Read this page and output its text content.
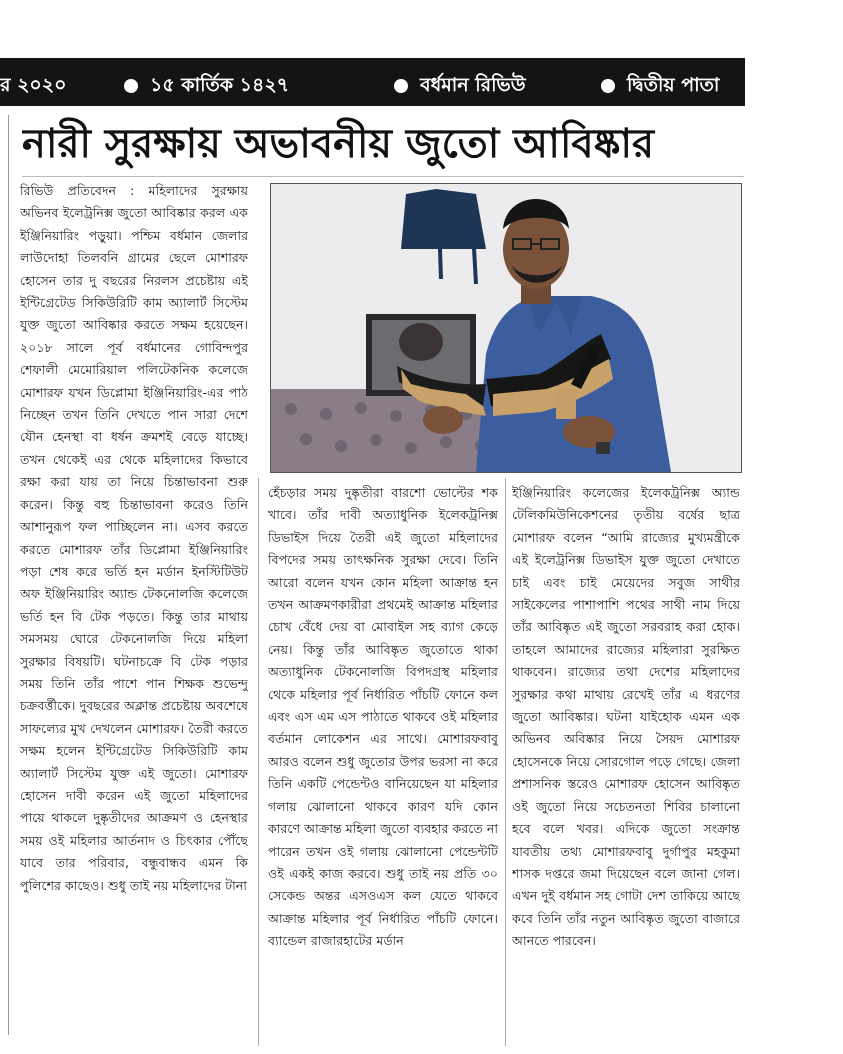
র ২০২০	১৫ কার্তিক ১৪২৭	বর্ধমান রিভিউ	দ্বিতীয় পাতা
নারী সুরক্ষায় অভাবনীয় জুতো আবিষ্কার
রিভিউ প্রতিবেদন : মহিলাদের সুরক্ষায় অভিনব ইলেট্রনিক্স জুতো আবিষ্কার করল এক ইঞ্জিনিয়ারিং পড়ুয়া। পশ্চিম বর্ধমান জেলার লাউদোহা তিলবনি গ্রামের ছেলে মোশারফ হোসেন তার দু বছরের নিরলস প্রচেষ্টায় এই ইন্টিগ্রেটেড সিকিউরিটি কাম অ্যালার্ট সিস্টেম যুক্ত জুতো আবিষ্কার করতে সক্ষম হয়েছেন। ২০১৮ সালে পূর্ব বর্ধমানের গোবিন্দপুর শেফালী মেমোরিয়াল পলিটেকনিক কলেজে মোশারফ যখন ডিপ্লোমা ইঞ্জিনিয়ারিং-এর পাঠ নিচ্ছেন তখন তিনি দেখতে পান সারা দেশে যৌন হেনস্থা বা ধর্ষন ক্রমশই বেড়ে যাচ্ছে। তখন থেকেই এর থেকে মহিলাদের কিভাবে রক্ষা করা যায় তা নিয়ে চিন্তাভাবনা শুরু করেন। কিন্তু বহু চিন্তাভাবনা করেও তিনি আশানুরূপ ফল পাচ্ছিলেন না। এসব করতে করতে মোশারফ তাঁর ডিপ্লোমা ইঞ্জিনিয়ারিং পড়া শেষ করে ভর্তি হন মর্ডান ইনস্টিটিউট অফ ইঞ্জিনিয়ারিং অ্যান্ড টেকনোলজি কলেজে ভর্তি হন বি টেক পড়তে। কিন্তু তার মাথায় সমসময় ঘোরে টেকনোলজি দিয়ে মহিলা সুরক্ষার বিষয়টি। ঘটনাচক্রে বি টেক পড়ার সময় তিনি তাঁর পাশে পান শিক্ষক শুভেন্দু চক্রবর্ত্তীকে। দুবছরের অক্লান্ত প্রচেষ্টায় অবশেষে সাফল্যের মুখ দেখলেন মোশারফ। তৈরী করতে সক্ষম হলেন ইন্টিগ্রেটেড সিকিউরিটি কাম অ্যালার্ট সিস্টেম যুক্ত এই জুতো। মোশারফ হোসেন দাবী করেন এই জুতো মহিলাদের পায়ে থাকলে দুষ্কৃতীদের আক্রমণ ও হেনস্থার সময় ওই মহিলার আর্তনাদ ও চিৎকার পৌঁছে যাবে তার পরিবার, বন্ধুবান্ধব এমন কি পুলিশের কাছেও। শুধু তাই নয় মহিলাদের টানা
হেঁচড়ার সময় দুষ্কৃতীরা বারশো ভোল্টের শক খাবে। তাঁর দাবী অত্যাধুনিক ইলেকট্রনিক্স ডিভাইস দিয়ে তৈরী এই জুতো মহিলাদের বিপদের সময় তাৎক্ষনিক সুরক্ষা দেবে। তিনি আরো বলেন যখন কোন মহিলা আক্রান্ত হন তখন আক্রমণকারীরা প্রথমেই আক্রান্ত মহিলার চোখ বেঁধে দেয় বা মোবাইল সহ ব্যাগ কেড়ে নেয়। কিন্তু তাঁর আবিষ্কৃত জুতোতে থাকা অত্যাধুনিক টেকনোলজি বিপদগ্রস্থ মহিলার থেকে মহিলার পূর্ব নির্ধারিত পাঁচটি ফোনে কল এবং এস এম এস পাঠাতে থাকবে ওই মহিলার বর্তমান লোকেশন এর সাথে। মোশারফবাবু আরও বলেন শুধু জুতোর উপর ভরসা না করে তিনি একটি পেন্ডেন্টও বানিয়েছেন যা মহিলার গলায় ঝোলানো থাকবে কারণ যদি কোন কারণে আক্রান্ত মহিলা জুতো ব্যবহার করতে না পারেন তখন ওই গলায় ঝোলানো পেন্ডেন্টটি ওই একই কাজ করবে। শুধু তাই নয় প্রতি ৩০ সেকেন্ড অন্তর এসওএস কল যেতে থাকবে আক্রান্ত মহিলার পূর্ব নির্ধারিত পাঁচটি ফোনে। ব্যান্ডেল রাজারহাটের মর্ডান
ইঞ্জিনিয়ারিং কলেজের ইলেকট্রনিক্স অ্যান্ড টেলিকমিউনিকেশনের তৃতীয় বর্ষের ছাত্র মোশারফ বলেন “আমি রাজ্যের মুখ্যমন্ত্রীকে এই ইলেট্রনিক্স ডিভাইস যুক্ত জুতো দেখাতে চাই এবং চাই মেয়েদের সবুজ সাথীর সাইকেলের পাশাপাশি পথের সাথী নাম দিয়ে তাঁর আবিষ্কৃত এই জুতো সরবরাহ করা হোক। তাহলে আমাদের রাজ্যের মহিলারা সুরক্ষিত থাকবেন। রাজ্যের তথা দেশের মহিলাদের সুরক্ষার কথা মাথায় রেখেই তাঁর এ ধরণের জুতো আবিষ্কার। ঘটনা যাইহোক এমন এক অভিনব অবিষ্কার নিয়ে সৈয়দ মোশারফ হোসেনকে নিয়ে সোরগোল পড়ে গেছে। জেলা প্রশাসনিক স্তরেও মোশারফ হোসেন আবিষ্কৃত ওই জুতো নিয়ে সচেতনতা শিবির চালানো হবে বলে খবর। এদিকে জুতো সংক্রান্ত যাবতীয় তথ্য মোশারফবাবু দুর্গাপুর মহকুমা শাসক দপ্তরে জমা দিয়েছেন বলে জানা গেল। এখন দুই বর্ধমান সহ গোটা দেশ তাকিয়ে আছে কবে তিনি তাঁর নতুন আবিষ্কৃত জুতো বাজারে আনতে পারবেন।
